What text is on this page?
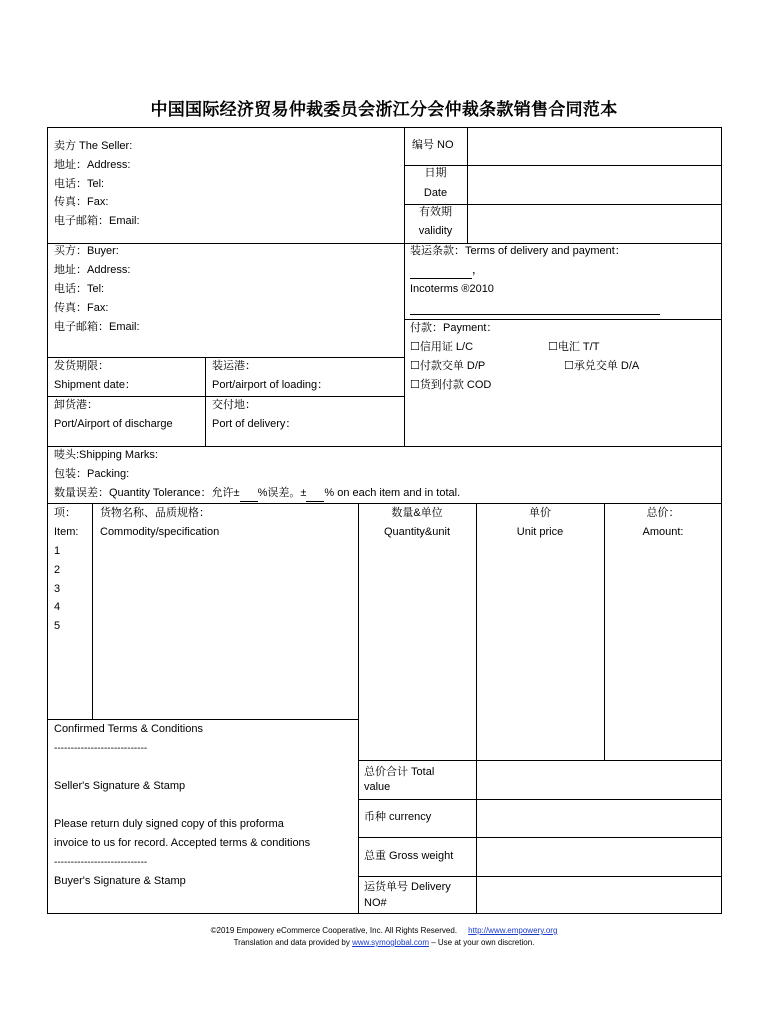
中国国际经济贸易仲裁委员会浙江分会仲裁条款销售合同范本
卖方 The Seller:
地址：Address:
电话：Tel:
传真：Fax:
电子邮箱：Email:
编号 NO
日期
Date
有效期
validity
买方：Buyer:
地址：Address:
电话：Tel:
传真：Fax:
电子邮箱：Email:
装运条款：Terms of delivery and payment：
，
Incoterms ®2010
付款：Payment：
☐信用证 L/C	☐电汇 T/T
☐付款交单 D/P	☐承兑交单 D/A
☐货到付款 COD
发货期限：
Shipment date：
装运港：
Port/airport of loading：
卸货港：
Port/Airport of discharge
交付地：
Port of delivery：
唛头:Shipping Marks:
包装：Packing:
数量误差：Quantity Tolerance：允许± %误差。± % on each item and in total.
项：
Item:
1
2
3
4
5
货物名称、品质规格：
Commodity/specification
数量&单位
Quantity&unit
单价
Unit price
总价：
Amount:
Confirmed Terms & Conditions
----------------------------
Seller's Signature & Stamp
Please return duly signed copy of this proforma
invoice to us for record. Accepted terms & conditions
----------------------------
Buyer's Signature & Stamp
总价合计 Total
value
币种 currency
总重 Gross weight
运货单号 Delivery
NO#
©2019 Empowery eCommerce Cooperative, Inc. All Rights Reserved. http://www.empowery.org
Translation and data provided by www.symoglobal.com – Use at your own discretion.
